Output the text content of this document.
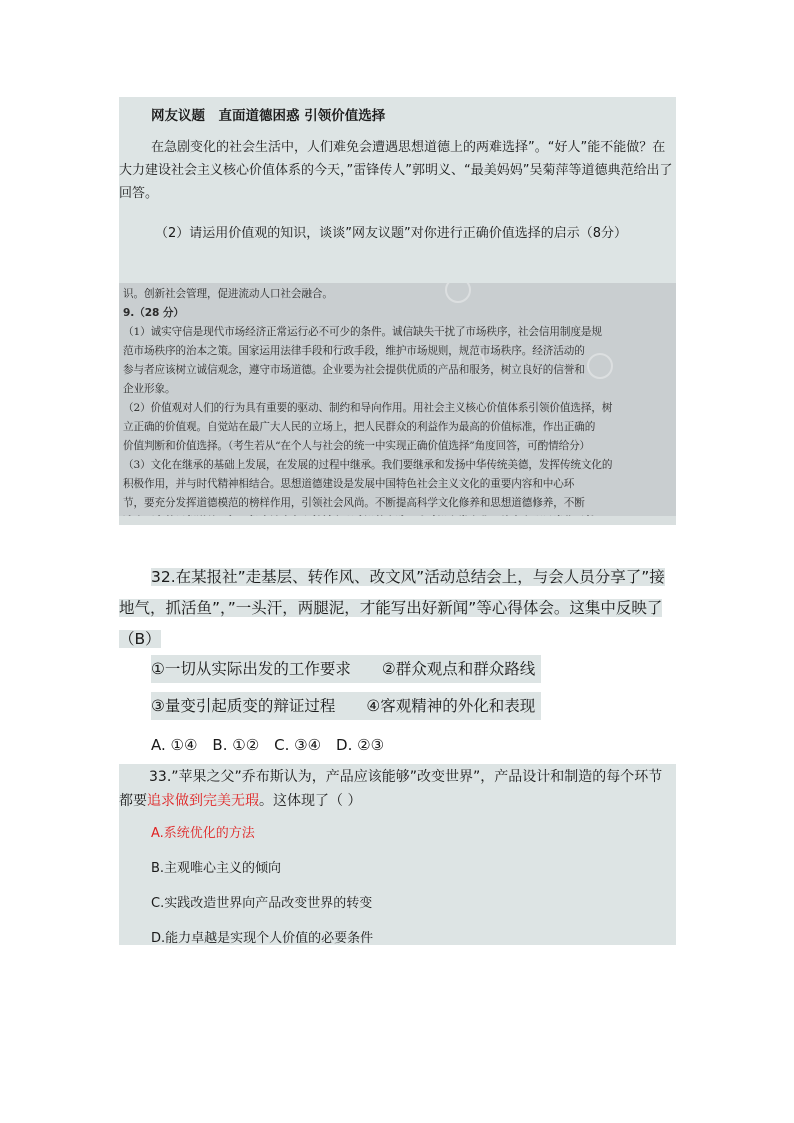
网友议题　直面道德困惑 引领价值选择
在急剧变化的社会生活中，人们难免会遭遇思想道德上的两难选择”。“好人”能不能做？在大力建设社会主义核心价值体系的今天，”雷锋传人”郭明义、“最美妈妈”吴菊萍等道德典范给出了回答。
（2）请运用价值观的知识，谈谈”网友议题”对你进行正确价值选择的启示（8分）
识。创新社会管理，促进流动人口社会融合。
9.（28 分）
（1）诚实守信是现代市场经济正常运行必不可少的条件。诚信缺失干扰了市场秩序，社会信用制度是规
范市场秩序的治本之策。国家运用法律手段和行政手段，维护市场规则，规范市场秩序。经济活动的
参与者应该树立诚信观念，遵守市场道德。企业要为社会提供优质的产品和服务，树立良好的信誉和
企业形象。
（2）价值观对人们的行为具有重要的驱动、制约和导向作用。用社会主义核心价值体系引领价值选择，树
立正确的价值观。自觉站在最广大人民的立场上，把人民群众的利益作为最高的价值标准，作出正确的
价值判断和价值选择。（考生若从“在个人与社会的统一中实现正确价值选择”角度回答，可酌情给分）
（3）文化在继承的基础上发展，在发展的过程中继承。我们要继承和发扬中华传统美德，发挥传统文化的
积极作用，并与时代精神相结合。思想道德建设是发展中国特色社会主义文化的重要内容和中心环
节，要充分发挥道德模范的榜样作用，引领社会风尚。不断提高科学文化修养和思想道德修养，不断
32.在某报社”走基层、转作风、改文风”活动总结会上，与会人员分享了”接地气，抓活鱼”，”一头汗，两腿泥，才能写出好新闻”等心得体会。这集中反映了（B）
①一切从实际出发的工作要求　　②群众观点和群众路线
③量变引起质变的辩证过程　　④客观精神的外化和表现
A. ①④　B. ①②　C. ③④　D. ②③
33.”苹果之父”乔布斯认为，产品应该能够”改变世界”，产品设计和制造的每个环节都要追求做到完美无瑕。这体现了（ ）
A.系统优化的方法
B.主观唯心主义的倾向
C.实践改造世界向产品改变世界的转变
D.能力卓越是实现个人价值的必要条件
